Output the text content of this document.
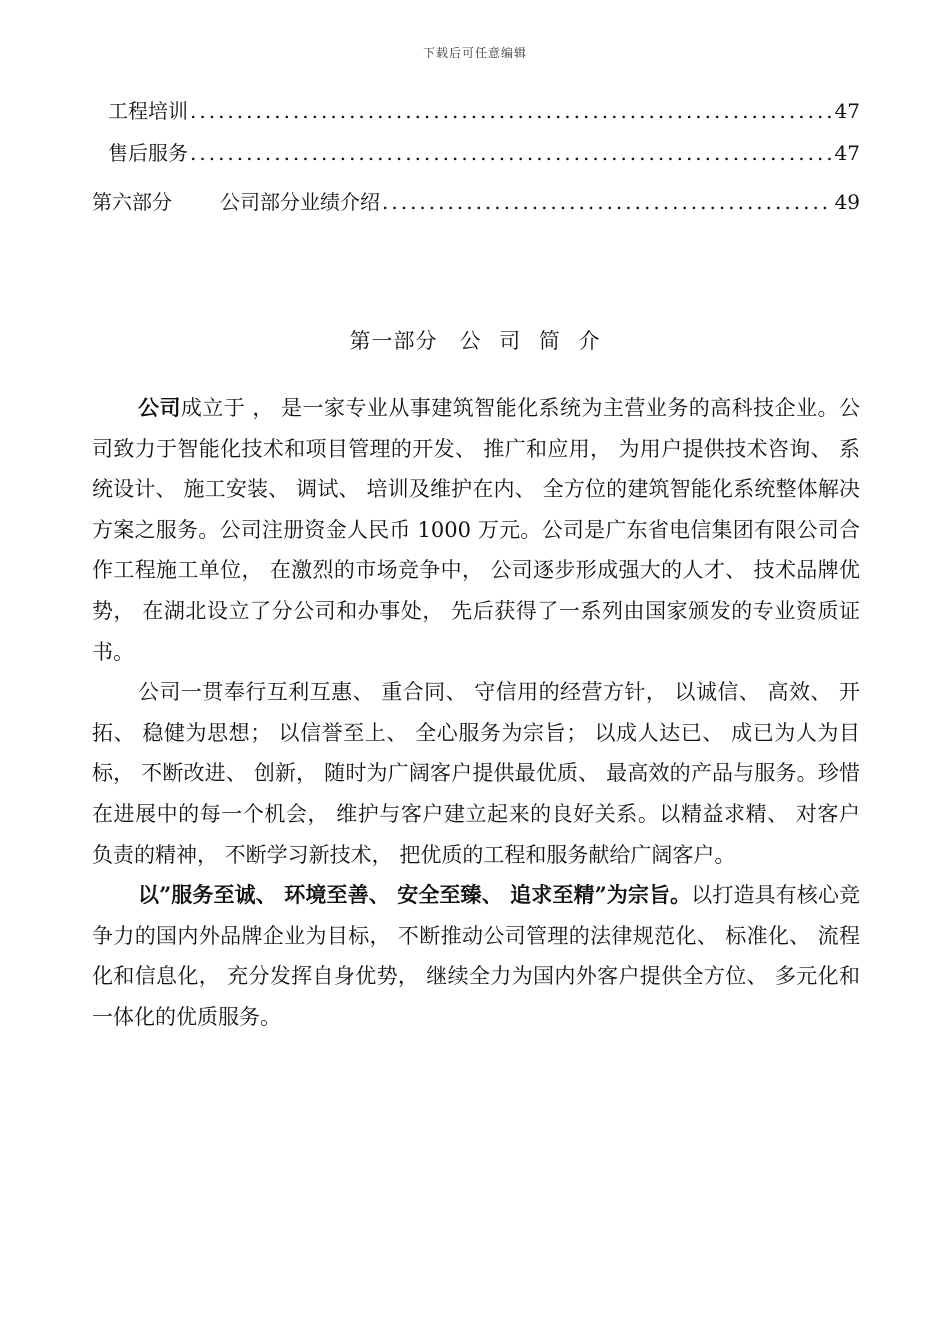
下载后可任意编辑
工程培训 .....	47
售后服务 .....	47
第六部分 公司部分业绩介绍 .....	49
第一部分　公 司 简 介

公司成立于 ， 是一家专业从事建筑智能化系统为主营业务的高科技企业。公司致力于智能化技术和项目管理的开发、 推广和应用， 为用户提供技术咨询、 系统设计、 施工安装、 调试、 培训及维护在内、 全方位的建筑智能化系统整体解决方案之服务。公司注册资金人民币 1000 万元。公司是广东省电信集团有限公司合作工程施工单位， 在激烈的市场竞争中， 公司逐步形成强大的人才、 技术品牌优势， 在湖北设立了分公司和办事处， 先后获得了一系列由国家颁发的专业资质证书。

公司一贯奉行互利互惠、 重合同、 守信用的经营方针， 以诚信、 高效、 开拓、 稳健为思想； 以信誉至上、 全心服务为宗旨； 以成人达已、 成已为人为目标， 不断改进、 创新， 随时为广阔客户提供最优质、 最高效的产品与服务。珍惜在进展中的每一个机会， 维护与客户建立起来的良好关系。以精益求精、 对客户负责的精神， 不断学习新技术， 把优质的工程和服务献给广阔客户。

以”服务至诚、 环境至善、 安全至臻、 追求至精”为宗旨。以打造具有核心竞争力的国内外品牌企业为目标， 不断推动公司管理的法律规范化、 标准化、 流程化和信息化， 充分发挥自身优势， 继续全力为国内外客户提供全方位、 多元化和一体化的优质服务。
